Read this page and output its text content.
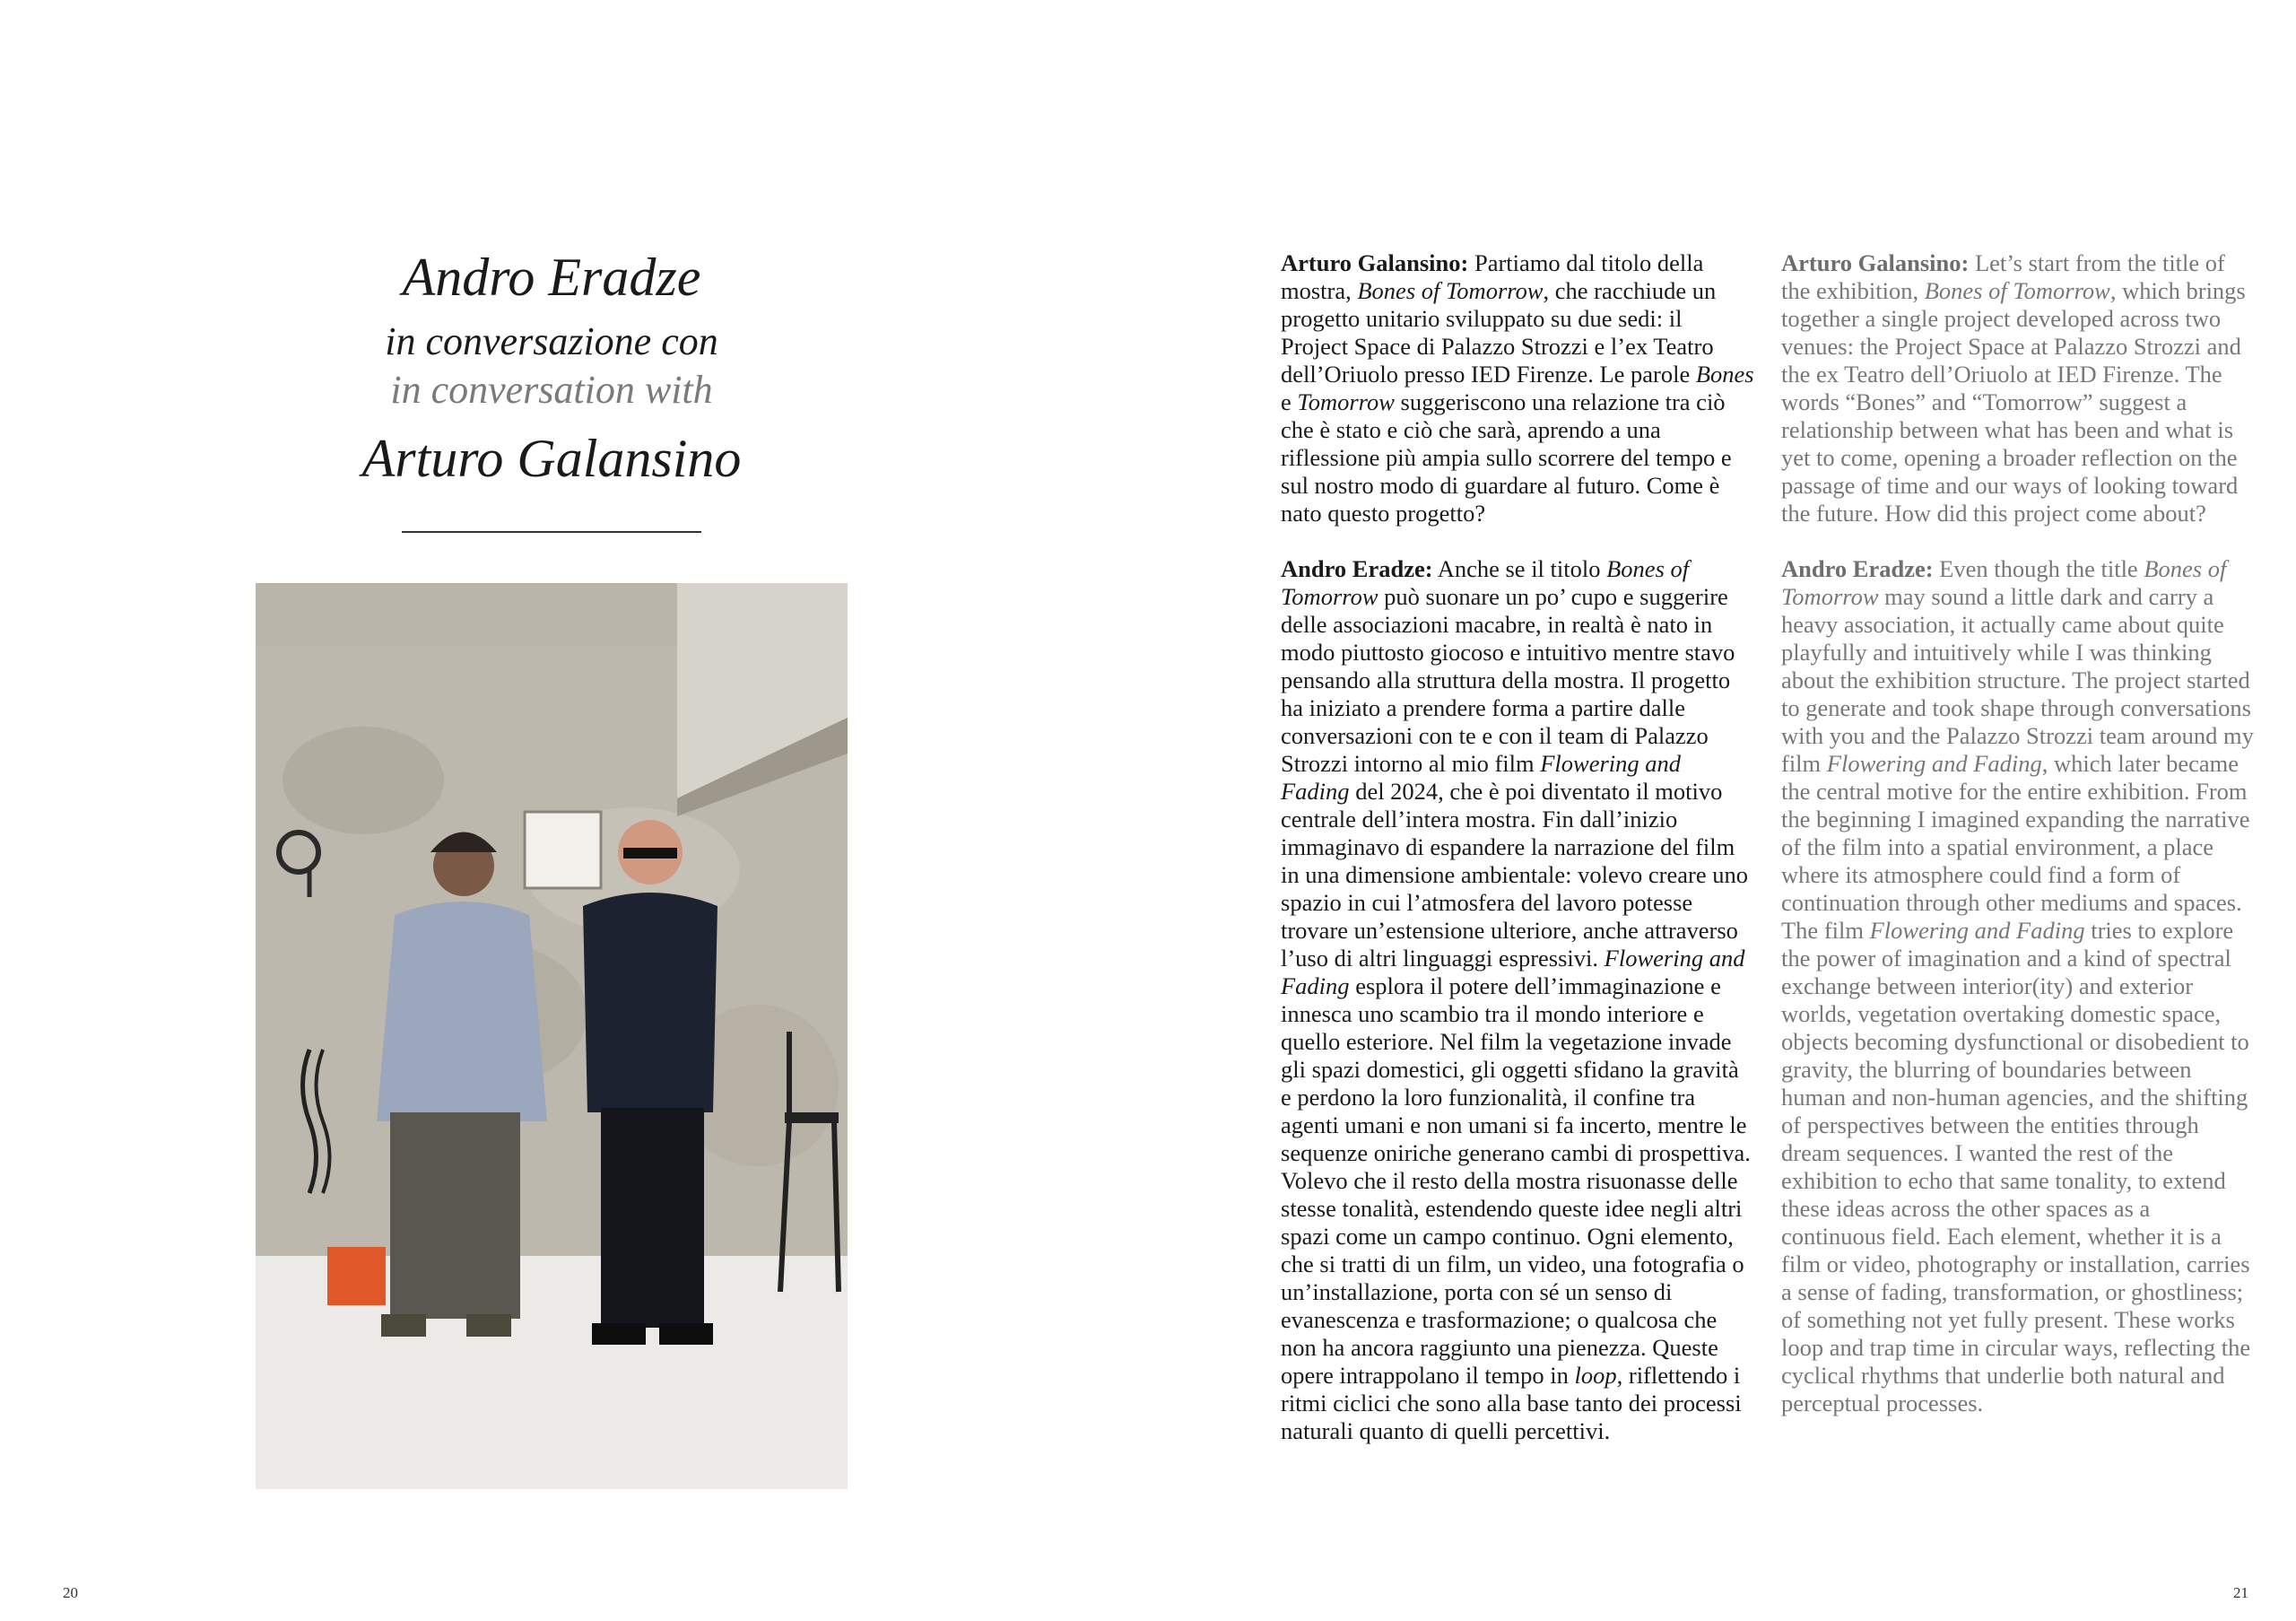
Andro Eradze
in conversazione con
in conversation with
Arturo Galansino
20

Arturo Galansino: Partiamo dal titolo della mostra, Bones of Tomorrow, che racchiude un progetto unitario sviluppato su due sedi: il Project Space di Palazzo Strozzi e l’ex Teatro dell’Oriuolo presso IED Firenze. Le parole Bones e Tomorrow suggeriscono una relazione tra ciò che è stato e ciò che sarà, aprendo a una riflessione più ampia sullo scorrere del tempo e sul nostro modo di guardare al futuro. Come è nato questo progetto?

Andro Eradze: Anche se il titolo Bones of Tomorrow può suonare un po’ cupo e suggerire delle associazioni macabre, in realtà è nato in modo piuttosto giocoso e intuitivo mentre stavo pensando alla struttura della mostra. Il progetto ha iniziato a prendere forma a partire dalle conversazioni con te e con il team di Palazzo Strozzi intorno al mio film Flowering and Fading del 2024, che è poi diventato il motivo centrale dell’intera mostra. Fin dall’inizio immaginavo di espandere la narrazione del film in una dimensione ambientale: volevo creare uno spazio in cui l’atmosfera del lavoro potesse trovare un’estensione ulteriore, anche attraverso l’uso di altri linguaggi espressivi. Flowering and Fading esplora il potere dell’immaginazione e innesca uno scambio tra il mondo interiore e quello esteriore. Nel film la vegetazione invade gli spazi domestici, gli oggetti sfidano la gravità e perdono la loro funzionalità, il confine tra agenti umani e non umani si fa incerto, mentre le sequenze oniriche generano cambi di prospettiva. Volevo che il resto della mostra risuonasse delle stesse tonalità, estendendo queste idee negli altri spazi come un campo continuo. Ogni elemento, che si tratti di un film, un video, una fotografia o un’installazione, porta con sé un senso di evanescenza e trasformazione; o qualcosa che non ha ancora raggiunto una pienezza. Queste opere intrappolano il tempo in loop, riflettendo i ritmi ciclici che sono alla base tanto dei processi naturali quanto di quelli percettivi.

Arturo Galansino: Let’s start from the title of the exhibition, Bones of Tomorrow, which brings together a single project developed across two venues: the Project Space at Palazzo Strozzi and the ex Teatro dell’Oriuolo at IED Firenze. The words “Bones” and “Tomorrow” suggest a relationship between what has been and what is yet to come, opening a broader reflection on the passage of time and our ways of looking toward the future. How did this project come about?

Andro Eradze: Even though the title Bones of Tomorrow may sound a little dark and carry a heavy association, it actually came about quite playfully and intuitively while I was thinking about the exhibition structure. The project started to generate and took shape through conversations with you and the Palazzo Strozzi team around my film Flowering and Fading, which later became the central motive for the entire exhibition. From the beginning I imagined expanding the narrative of the film into a spatial environment, a place where its atmosphere could find a form of continuation through other mediums and spaces.

The film Flowering and Fading tries to explore the power of imagination and a kind of spectral exchange between interior(ity) and exterior worlds, vegetation overtaking domestic space, objects becoming dysfunctional or disobedient to gravity, the blurring of boundaries between human and non-human agencies, and the shifting of perspectives between the entities through dream sequences. I wanted the rest of the exhibition to echo that same tonality, to extend these ideas across the other spaces as a continuous field. Each element, whether it is a film or video, photography or installation, carries a sense of fading, transformation, or ghostliness; of something not yet fully present. These works loop and trap time in circular ways, reflecting the cyclical rhythms that underlie both natural and perceptual processes.

21
